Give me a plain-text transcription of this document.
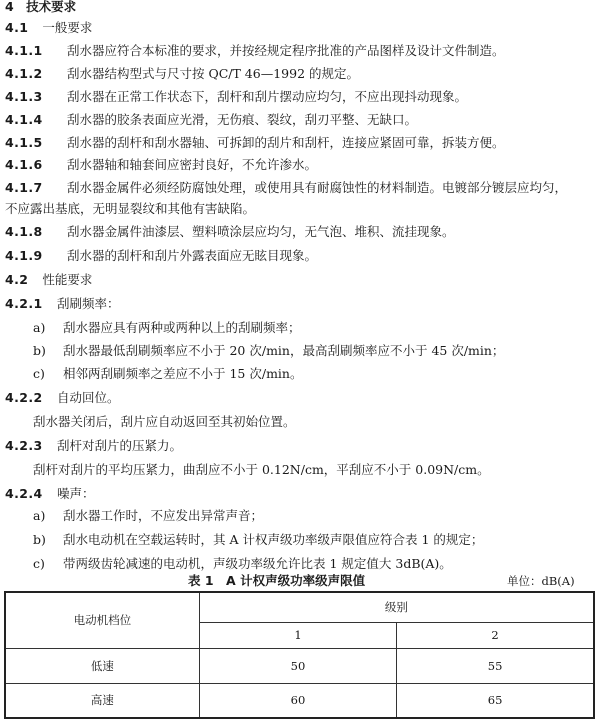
4 技术要求
4.1 一般要求
4.1.1 刮水器应符合本标准的要求，并按经规定程序批准的产品图样及设计文件制造。
4.1.2 刮水器结构型式与尺寸按 QC/T 46—1992 的规定。
4.1.3 刮水器在正常工作状态下，刮杆和刮片摆动应均匀，不应出现抖动现象。
4.1.4 刮水器的胶条表面应光滑，无伤痕、裂纹，刮刃平整、无缺口。
4.1.5 刮水器的刮杆和刮水器轴、可拆卸的刮片和刮杆，连接应紧固可靠，拆装方便。
4.1.6 刮水器轴和轴套间应密封良好，不允许渗水。
4.1.7 刮水器金属件必须经防腐蚀处理，或使用具有耐腐蚀性的材料制造。电镀部分镀层应均匀，
不应露出基底，无明显裂纹和其他有害缺陷。
4.1.8 刮水器金属件油漆层、塑料喷涂层应均匀，无气泡、堆积、流挂现象。
4.1.9 刮水器的刮杆和刮片外露表面应无眩目现象。
4.2 性能要求
4.2.1 刮刷频率：
a) 刮水器应具有两种或两种以上的刮刷频率；
b) 刮水器最低刮刷频率应不小于 20 次/min，最高刮刷频率应不小于 45 次/min；
c) 相邻两刮刷频率之差应不小于 15 次/min。
4.2.2 自动回位。
刮水器关闭后，刮片应自动返回至其初始位置。
4.2.3 刮杆对刮片的压紧力。
刮杆对刮片的平均压紧力，曲刮应不小于 0.12N/cm，平刮应不小于 0.09N/cm。
4.2.4 噪声：
a) 刮水器工作时，不应发出异常声音；
b) 刮水电动机在空载运转时，其 A 计权声级功率级声限值应符合表 1 的规定；
表 1　A 计权声级功率级声限值	单位：dB(A)
电动机档位	级别	
	1	2
低速	50	55
高速	60	65
c) 带两级齿轮减速的电动机，声级功率级允许比表 1 规定值大 3dB(A)。
